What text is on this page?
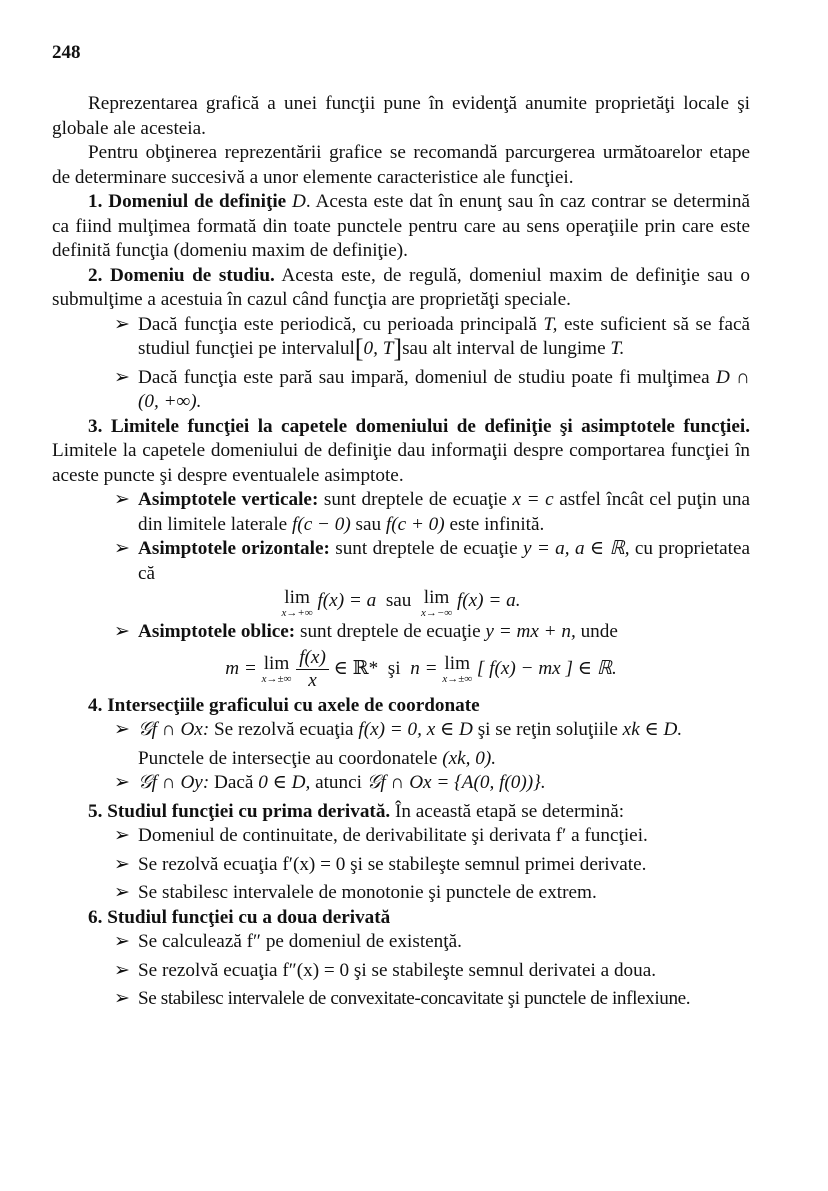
248

Reprezentarea grafică a unei funcţii pune în evidenţă anumite proprietăţi locale şi globale ale acesteia.

Pentru obţinerea reprezentării grafice se recomandă parcurgerea următoarelor etape de determinare succesivă a unor elemente caracteristice ale funcţiei.

1. Domeniul de definiţie D. Acesta este dat în enunţ sau în caz contrar se determină ca fiind mulţimea formată din toate punctele pentru care au sens operaţiile prin care este definită funcţia (domeniu maxim de definiţie).

2. Domeniu de studiu. Acesta este, de regulă, domeniul maxim de definiţie sau o submulţime a acestuia în cazul când funcţia are proprietăţi speciale.

➢ Dacă funcţia este periodică, cu perioada principală T, este suficient să se facă studiul funcţiei pe intervalul[0, T]sau alt interval de lungime T.
➢ Dacă funcţia este pară sau impară, domeniul de studiu poate fi mulţimea D ∩ (0, +∞).

3. Limitele funcţiei la capetele domeniului de definiţie şi asimptotele funcţiei. Limitele la capetele domeniului de definiţie dau informaţii despre comportarea funcţiei în aceste puncte şi despre eventualele asimptote.

➢ Asimptotele verticale: sunt dreptele de ecuaţie x = c astfel încât cel puţin una din limitele laterale f(c − 0) sau f(c + 0) este infinită.
➢ Asimptotele orizontale: sunt dreptele de ecuaţie y = a, a ∈ ℝ, cu proprietatea că
lim
x→+∞
f(x) = a sau lim
x→−∞
f(x) = a.
➢ Asimptotele oblice: sunt dreptele de ecuaţie y = mx + n, unde
m = lim
x→±∞
$\frac{f(x)}{x}$ ∈ ℝ* şi n = lim
x→±∞
[ f(x) − mx ] ∈ ℝ.
4. Intersecţiile graficului cu axele de coordonate
➢ 𝒢f ∩ Ox: Se rezolvă ecuaţia f(x) = 0, x ∈ D şi se reţin soluţiile xk ∈ D.
Punctele de intersecţie au coordonatele (xk, 0).
➢ 𝒢f ∩ Oy: Dacă 0 ∈ D, atunci 𝒢f ∩ Ox = {A(0, f(0))}.
5. Studiul funcţiei cu prima derivată. În această etapă se determină:
➢ Domeniul de continuitate, de derivabilitate şi derivata f′ a funcţiei.
➢ Se rezolvă ecuaţia f′(x) = 0 şi se stabileşte semnul primei derivate.
➢ Se stabilesc intervalele de monotonie şi punctele de extrem.
6. Studiul funcţiei cu a doua derivată
➢ Se calculează f″ pe domeniul de existenţă.
➢ Se rezolvă ecuaţia f″(x) = 0 şi se stabileşte semnul derivatei a doua.
➢ Se stabilesc intervalele de convexitate-concavitate şi punctele de inflexiune.
